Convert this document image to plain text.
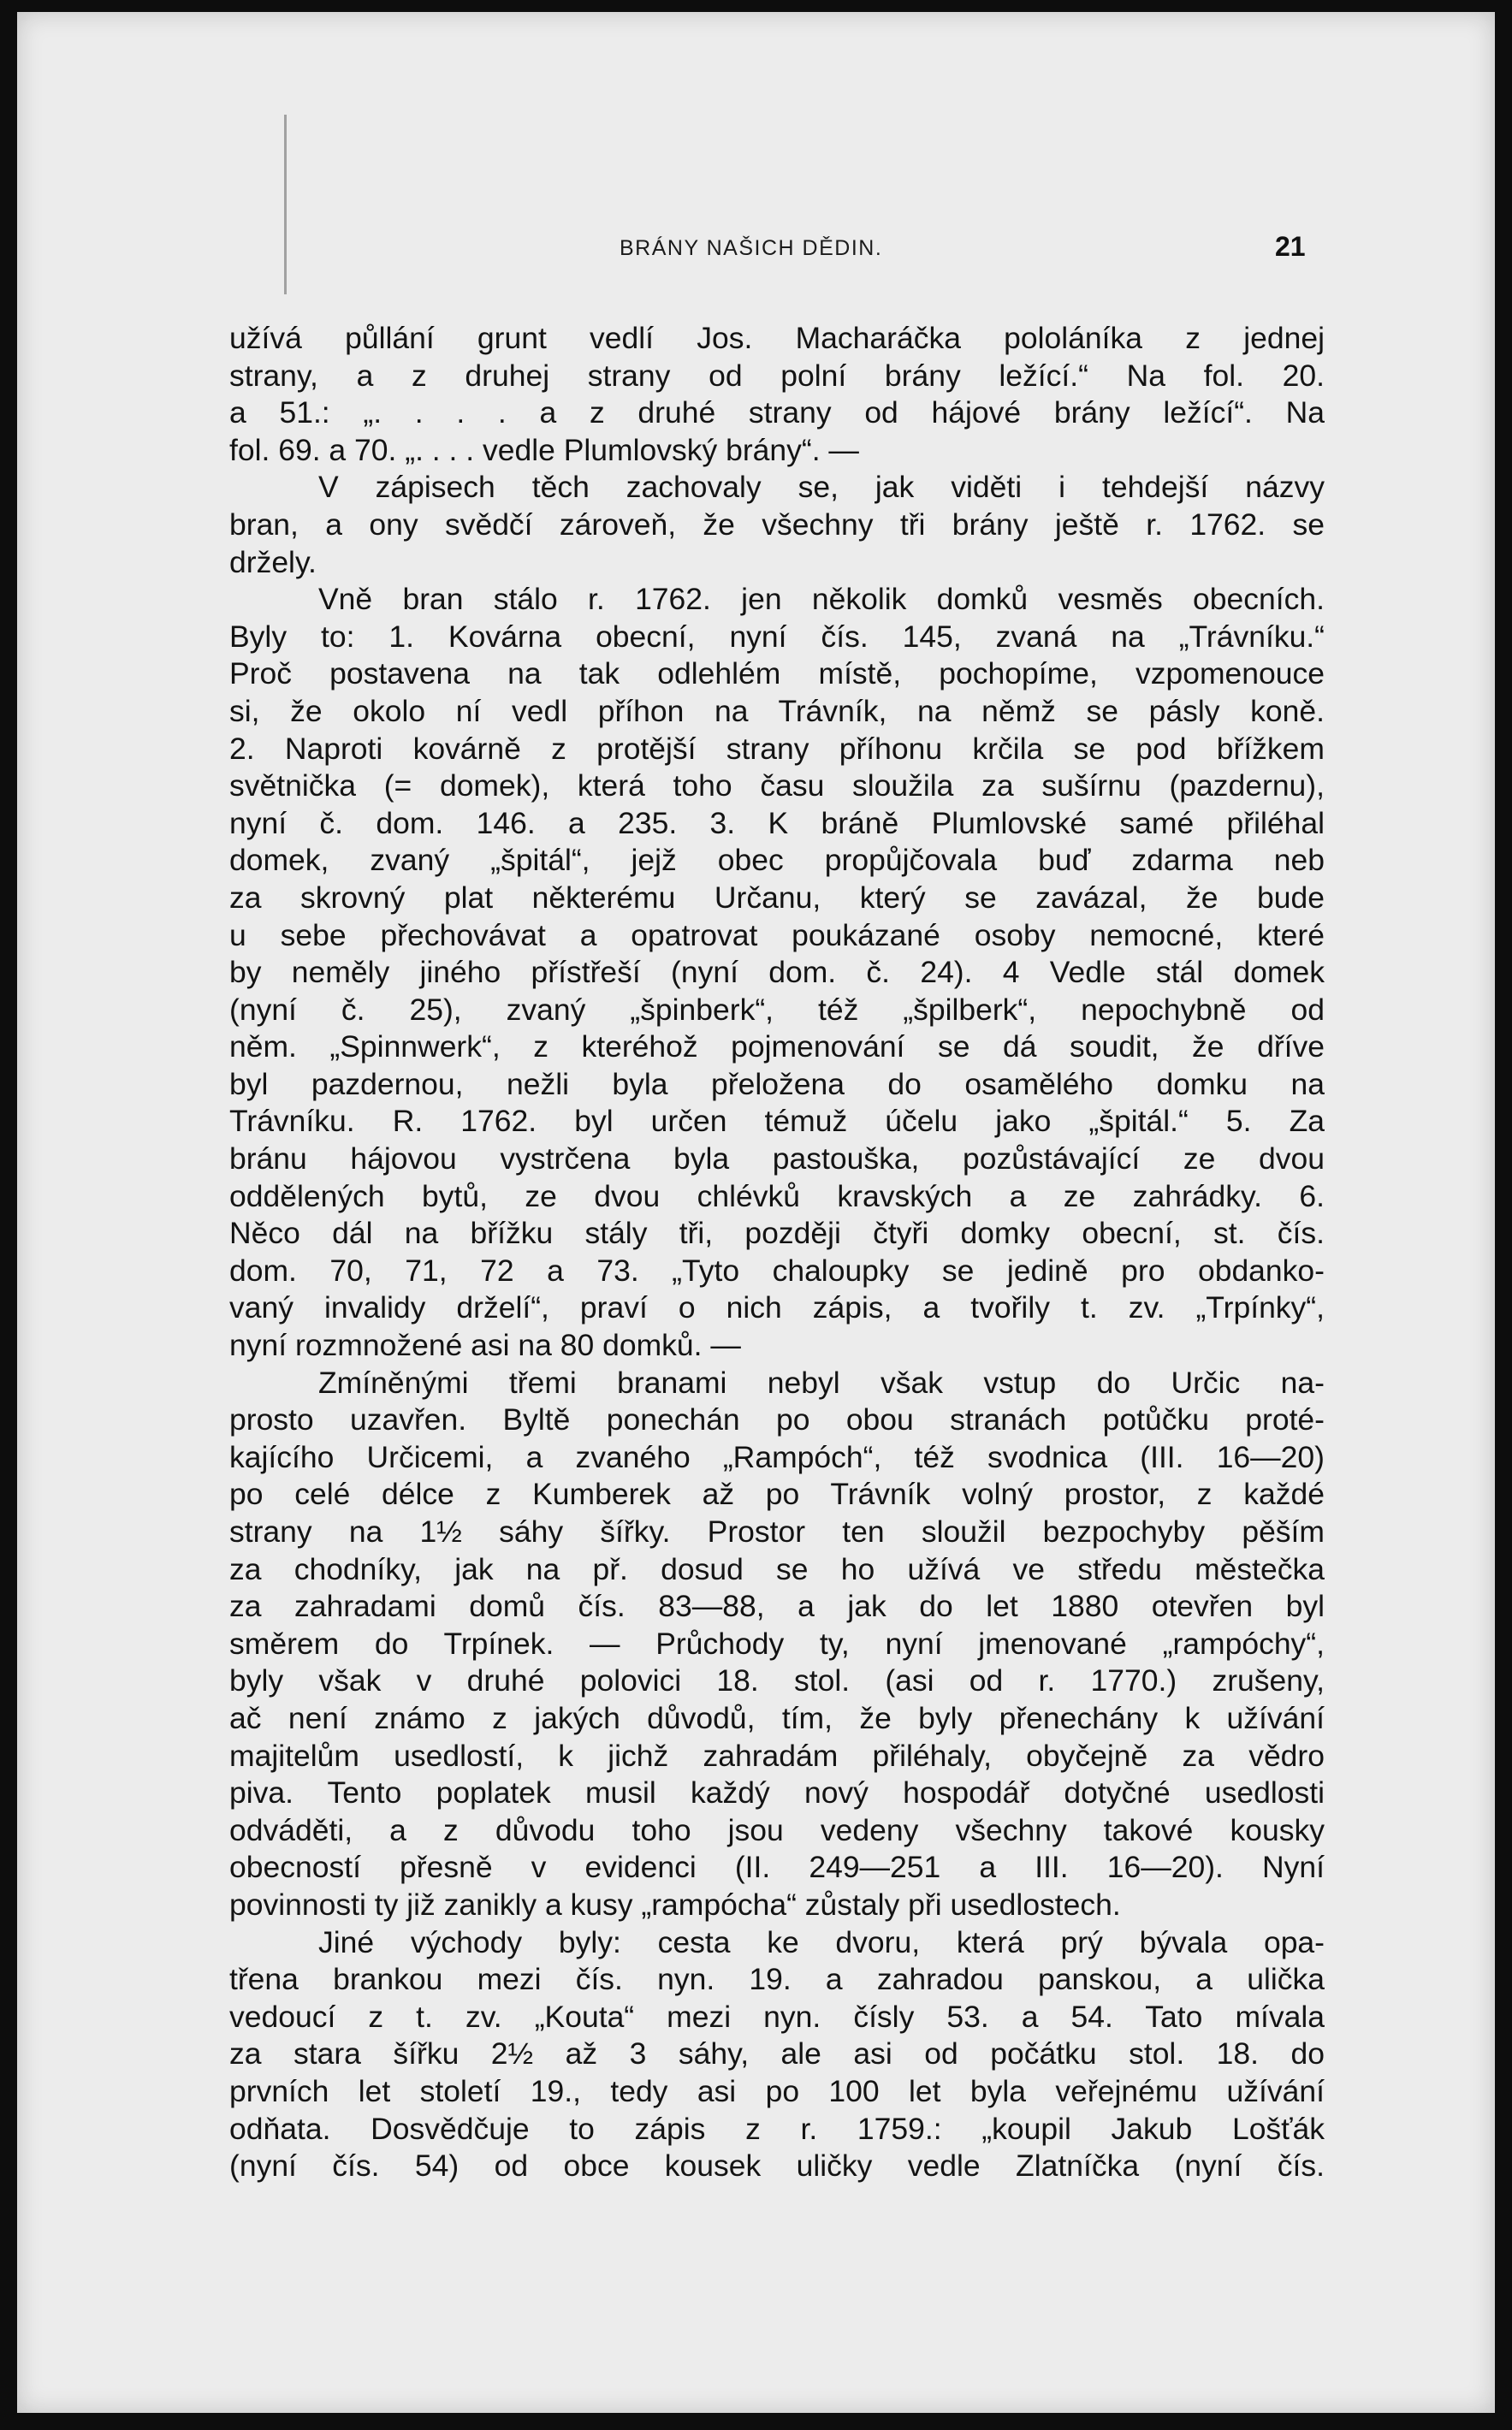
BRÁNY NAŠICH DĚDIN.	21
užívá půllání grunt vedlí Jos. Macharáčka pololáníka z jednej
strany, a z druhej strany od polní brány ležící.“ Na fol. 20.
a 51.: „. . . . a z druhé strany od hájové brány ležící“. Na
fol. 69. a 70. „. . . . vedle Plumlovský brány“. —
V zápisech těch zachovaly se, jak viděti i tehdejší názvy
bran, a ony svědčí zároveň, že všechny tři brány ještě r. 1762. se
držely.
Vně bran stálo r. 1762. jen několik domků vesměs obecních.
Byly to: 1. Kovárna obecní, nyní čís. 145, zvaná na „Trávníku.“
Proč postavena na tak odlehlém místě, pochopíme, vzpomenouce
si, že okolo ní vedl příhon na Trávník, na němž se pásly koně.
2. Naproti kovárně z protější strany příhonu krčila se pod břížkem
světnička (= domek), která toho času sloužila za sušírnu (pazdernu),
nyní č. dom. 146. a 235. 3. K bráně Plumlovské samé přiléhal
domek, zvaný „špitál“, jejž obec propůjčovala buď zdarma neb
za skrovný plat některému Určanu, který se zavázal, že bude
u sebe přechovávat a opatrovat poukázané osoby nemocné, které
by neměly jiného přístřeší (nyní dom. č. 24). 4 Vedle stál domek
(nyní č. 25), zvaný „špinberk“, též „špilberk“, nepochybně od
něm. „Spinnwerk“, z kteréhož pojmenování se dá soudit, že dříve
byl pazdernou, nežli byla přeložena do osamělého domku na
Trávníku. R. 1762. byl určen témuž účelu jako „špitál.“ 5. Za
bránu hájovou vystrčena byla pastouška, pozůstávající ze dvou
oddělených bytů, ze dvou chlévků kravských a ze zahrádky. 6.
Něco dál na břížku stály tři, později čtyři domky obecní, st. čís.
dom. 70, 71, 72 a 73. „Tyto chaloupky se jedině pro obdanko-
vaný invalidy drželí“, praví o nich zápis, a tvořily t. zv. „Trpínky“,
nyní rozmnožené asi na 80 domků. —
Zmíněnými třemi branami nebyl však vstup do Určic na-
prosto uzavřen. Byltě ponechán po obou stranách potůčku proté-
kajícího Určicemi, a zvaného „Rampóch“, též svodnica (III. 16—20)
po celé délce z Kumberek až po Trávník volný prostor, z každé
strany na 1½ sáhy šířky. Prostor ten sloužil bezpochyby pěším
za chodníky, jak na př. dosud se ho užívá ve středu městečka
za zahradami domů čís. 83—88, a jak do let 1880 otevřen byl
směrem do Trpínek. — Průchody ty, nyní jmenované „rampóchy“,
byly však v druhé polovici 18. stol. (asi od r. 1770.) zrušeny,
ač není známo z jakých důvodů, tím, že byly přenechány k užívání
majitelům usedlostí, k jichž zahradám přiléhaly, obyčejně za vědro
piva. Tento poplatek musil každý nový hospodář dotyčné usedlosti
odváděti, a z důvodu toho jsou vedeny všechny takové kousky
obecností přesně v evidenci (II. 249—251 a III. 16—20). Nyní
povinnosti ty již zanikly a kusy „rampócha“ zůstaly při usedlostech.
Jiné východy byly: cesta ke dvoru, která prý bývala opa-
třena brankou mezi čís. nyn. 19. a zahradou panskou, a ulička
vedoucí z t. zv. „Kouta“ mezi nyn. čísly 53. a 54. Tato mívala
za stara šířku 2½ až 3 sáhy, ale asi od počátku stol. 18. do
prvních let století 19., tedy asi po 100 let byla veřejnému užívání
odňata. Dosvědčuje to zápis z r. 1759.: „koupil Jakub Lošťák
(nyní čís. 54) od obce kousek uličky vedle Zlatníčka (nyní čís.
